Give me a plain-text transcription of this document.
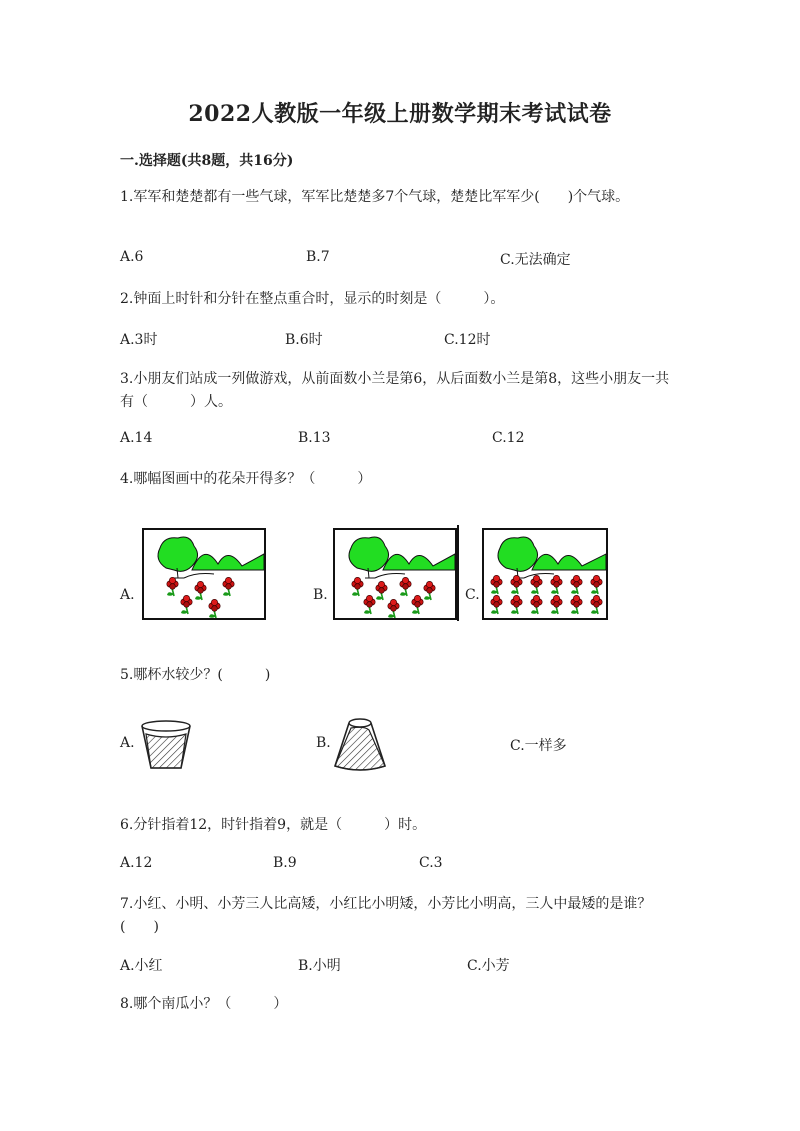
2022人教版一年级上册数学期末考试试卷
一.选择题(共8题，共16分)
1.军军和楚楚都有一些气球，军军比楚楚多7个气球，楚楚比军军少(　　)个气球。
A.6	B.7	C.无法确定
2.钟面上时针和分针在整点重合时，显示的时刻是（　　　）。
A.3时	B.6时	C.12时
3.小朋友们站成一列做游戏，从前面数小兰是第6，从后面数小兰是第8，这些小朋友一共有（　　　）人。
A.14	B.13	C.12
4.哪幅图画中的花朵开得多？（　　　）
A.	B.	C.
5.哪杯水较少？(　　　)
A.	B.	C.一样多
6.分针指着12，时针指着9，就是（　　　）时。
A.12	B.9	C.3
7.小红、小明、小芳三人比高矮，小红比小明矮，小芳比小明高，三人中最矮的是谁？(　　)
A.小红	B.小明	C.小芳
8.哪个南瓜小？（　　　）
